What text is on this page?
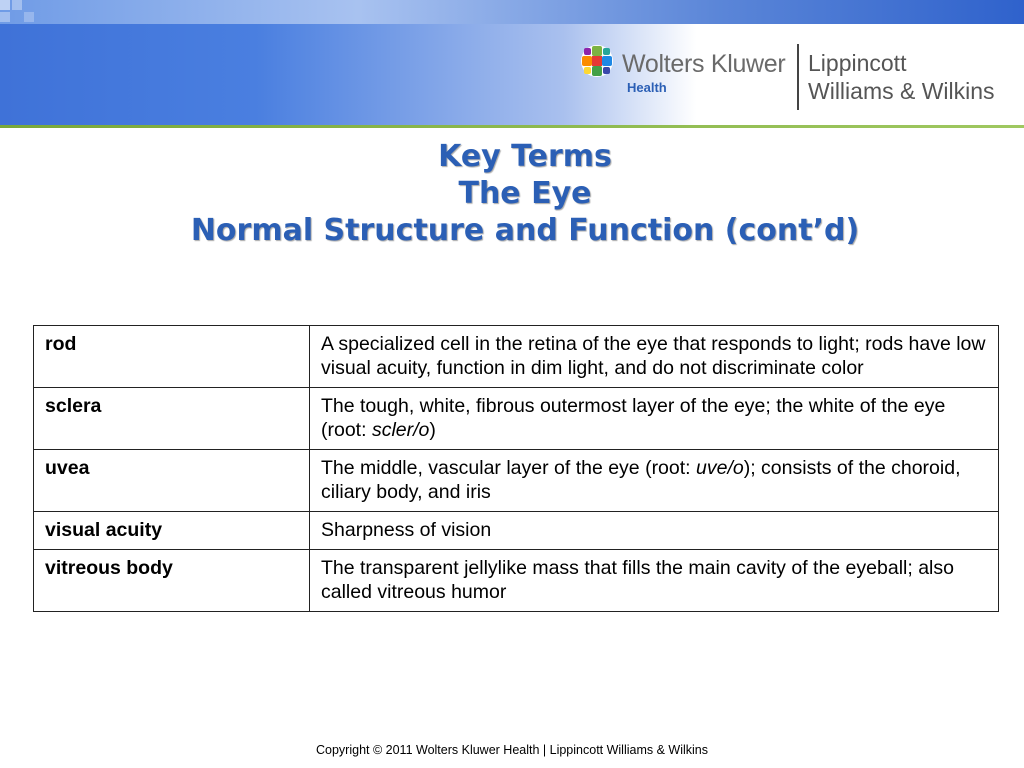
Wolters Kluwer
Health
Lippincott
Williams & Wilkins
Key Terms
The Eye
Normal Structure and Function (cont’d)
rod	A specialized cell in the retina of the eye that responds to light; rods have low visual acuity, function in dim light, and do not discriminate color
sclera	The tough, white, fibrous outermost layer of the eye; the white of the eye (root: scler/o)
uvea	The middle, vascular layer of the eye (root: uve/o); consists of the choroid, ciliary body, and iris
visual acuity	Sharpness of vision
vitreous body	The transparent jellylike mass that fills the main cavity of the eyeball; also called vitreous humor
Copyright © 2011 Wolters Kluwer Health | Lippincott Williams & Wilkins
